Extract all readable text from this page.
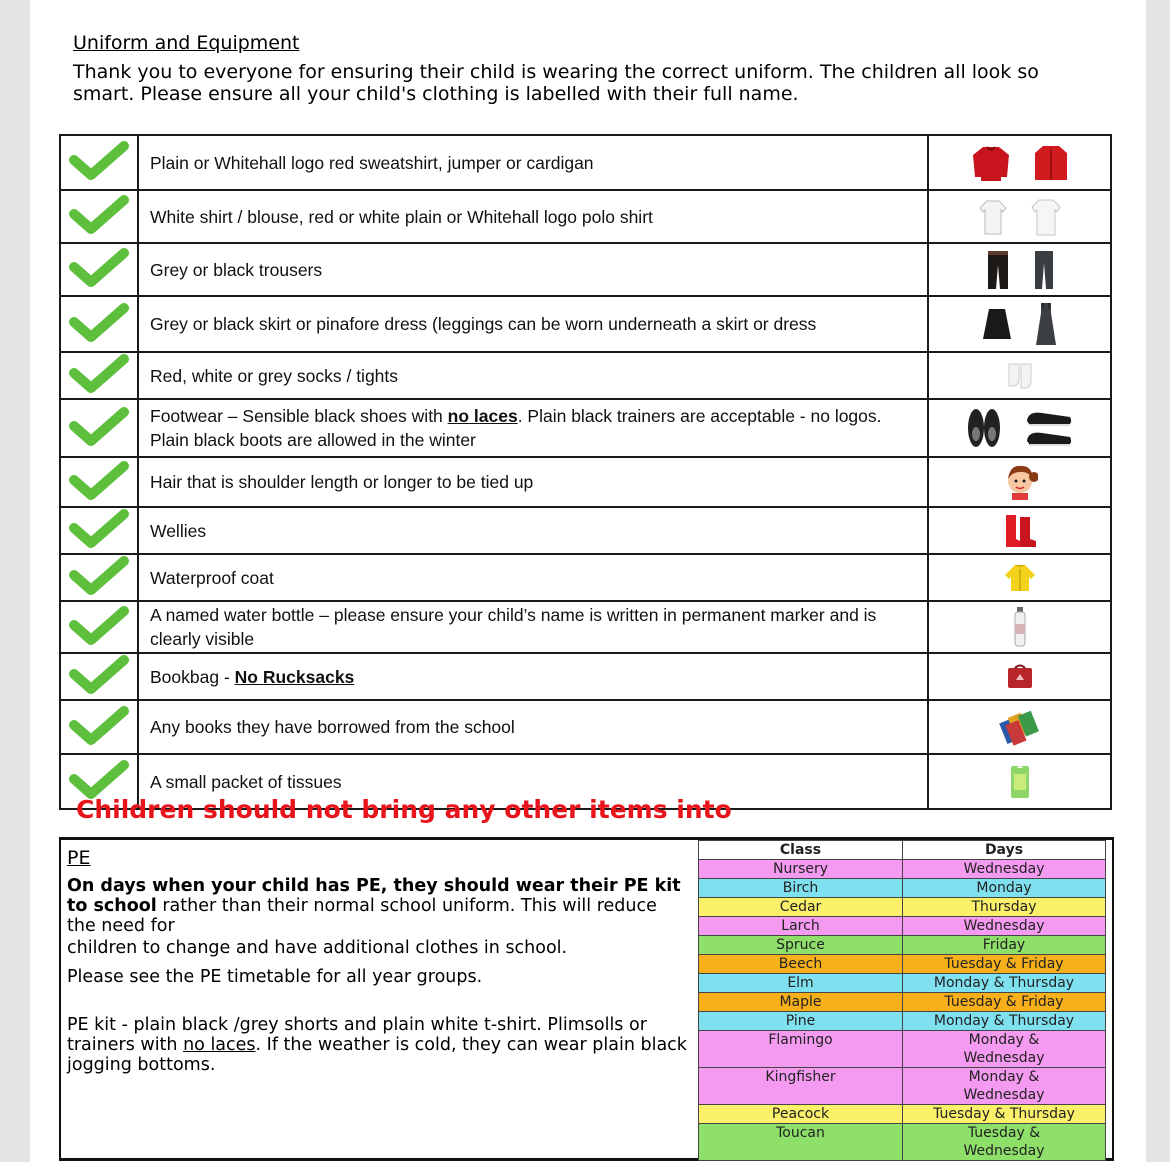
Uniform and Equipment

Thank you to everyone for ensuring their child is wearing the correct uniform. The children all look so smart. Please ensure all your child's clothing is labelled with their full name.

	Plain or Whitehall logo red sweatshirt, jumper or cardigan	

	White shirt / blouse, red or white plain or Whitehall logo polo shirt	

	Grey or black trousers	

	Grey or black skirt or pinafore dress (leggings can be worn underneath a skirt or dress	

	Red, white or grey socks / tights	

	Footwear – Sensible black shoes with no laces. Plain black trainers are acceptable - no logos.
Plain black boots are allowed in the winter	

	Hair that is shoulder length or longer to be tied up	

	Wellies	

	Waterproof coat	

	A named water bottle – please ensure your child’s name is written in permanent marker and is clearly visible	

	Bookbag - No Rucksacks	

	Any books they have borrowed from the school	

	A small packet of tissues	

Children should not bring any other items into

PE

On days when your child has PE, they should wear their PE kit to school rather than their normal school uniform. This will reduce the need for

children to change and have additional clothes in school.

Please see the PE timetable for all year groups.

PE kit - plain black /grey shorts and plain white t-shirt. Plimsolls or trainers with no laces. If the weather is cold, they can wear plain black jogging bottoms.

Class	Days
Nursery	Wednesday
Birch	Monday
Cedar	Thursday
Larch	Wednesday
Spruce	Friday
Beech	Tuesday & Friday
Elm	Monday & Thursday
Maple	Tuesday & Friday
Pine	Monday & Thursday
Flamingo	Monday & Wednesday
Kingfisher	Monday & Wednesday
Peacock	Tuesday & Thursday
Toucan	Tuesday & Wednesday
